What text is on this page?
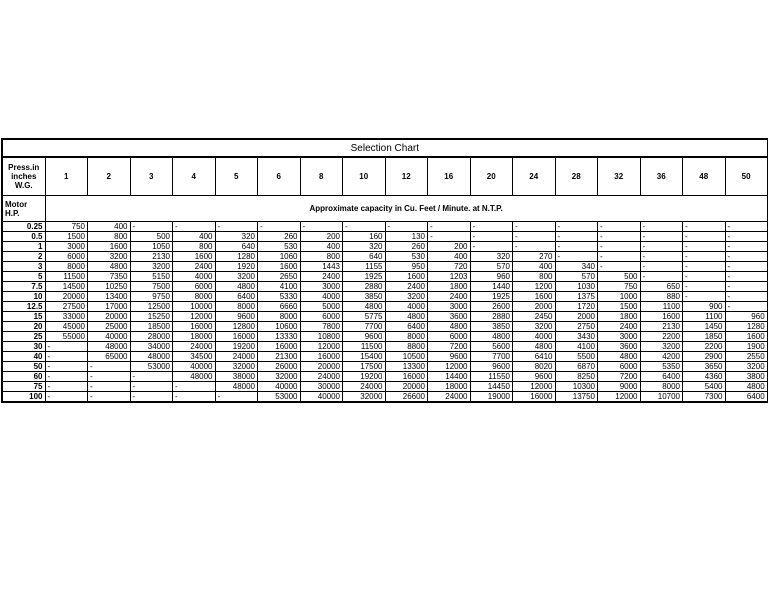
Selection Chart																	
Press.in inches W.G.	1	2	3	4	5	6	8	10	12	16	20	24	28	32	36	48	50
Motor H.P.	Approximate capacity in Cu. Feet / Minute. at N.T.P.																
0.25	750	400	-	-	-	-	-	-	-	-	-	-	-	-	-	-	-
0.5	1500	800	500	400	320	260	200	160	130	-	-	-	-	-	-	-	-
1	3000	1600	1050	800	640	530	400	320	260	200	-	-	-	-	-	-	-
2	6000	3200	2130	1600	1280	1060	800	640	530	400	320	270	-	-	-	-	-
3	8000	4800	3200	2400	1920	1600	1443	1155	950	720	570	400	340	-	-	-	-
5	11500	7350	5150	4000	3200	2650	2400	1925	1600	1203	960	800	570	500	-	-	-
7.5	14500	10250	7500	6000	4800	4100	3000	2880	2400	1800	1440	1200	1030	750	650	-	-
10	20000	13400	9750	8000	6400	5330	4000	3850	3200	2400	1925	1600	1375	1000	880	-	-
12.5	27500	17000	12500	10000	8000	6660	5000	4800	4000	3000	2600	2000	1720	1500	1100	900	-
15	33000	20000	15250	12000	9600	8000	6000	5775	4800	3600	2880	2450	2000	1800	1600	1100	960
20	45000	25000	18500	16000	12800	10600	7800	7700	6400	4800	3850	3200	2750	2400	2130	1450	1280
25	55000	40000	28000	18000	16000	13330	10800	9600	8000	6000	4800	4000	3430	3000	2200	1850	1600
30	-	48000	34000	24000	19200	16000	12000	11500	8800	7200	5600	4800	4100	3600	3200	2200	1900
40	-	65000	48000	34500	24000	21300	16000	15400	10500	9600	7700	6410	5500	4800	4200	2900	2550
50	-	-	53000	40000	32000	26000	20000	17500	13300	12000	9600	8020	6870	6000	5350	3650	3200
60	-	-	-	48000	38000	32000	24000	19200	16000	14400	11550	9600	8250	7200	6400	4360	3800
75	-	-	-	-	48000	40000	30000	24000	20000	18000	14450	12000	10300	9000	8000	5400	4800
100	-	-	-	-	-	53000	40000	32000	26600	24000	19000	16000	13750	12000	10700	7300	6400
